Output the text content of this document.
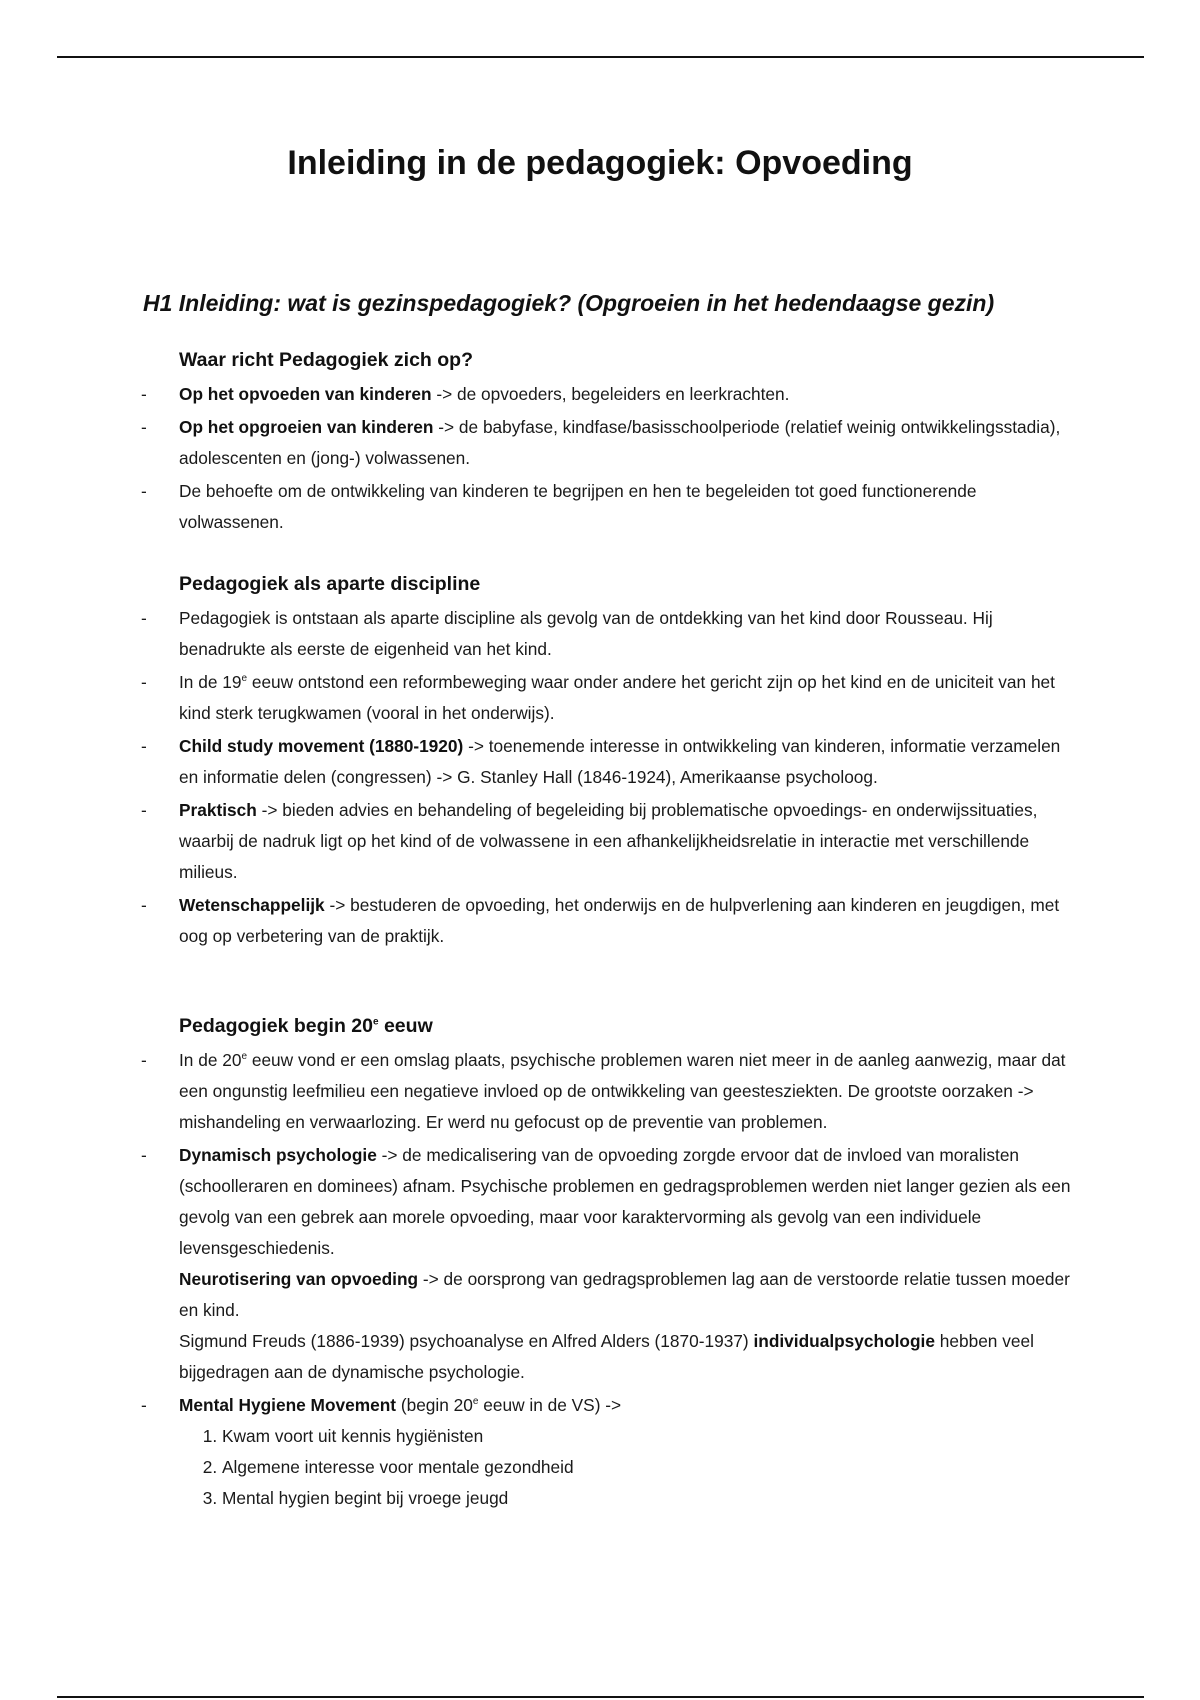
Inleiding in de pedagogiek: Opvoeding
H1 Inleiding: wat is gezinspedagogiek? (Opgroeien in het hedendaagse gezin)
Waar richt Pedagogiek zich op?
- Op het opvoeden van kinderen -> de opvoeders, begeleiders en leerkrachten.
- Op het opgroeien van kinderen -> de babyfase, kindfase/basisschoolperiode (relatief weinig ontwikkelingsstadia), adolescenten en (jong-) volwassenen.
- De behoefte om de ontwikkeling van kinderen te begrijpen en hen te begeleiden tot goed functionerende volwassenen.
Pedagogiek als aparte discipline
- Pedagogiek is ontstaan als aparte discipline als gevolg van de ontdekking van het kind door Rousseau. Hij benadrukte als eerste de eigenheid van het kind.
- In de 19e eeuw ontstond een reformbeweging waar onder andere het gericht zijn op het kind en de uniciteit van het kind sterk terugkwamen (vooral in het onderwijs).
- Child study movement (1880-1920) -> toenemende interesse in ontwikkeling van kinderen, informatie verzamelen en informatie delen (congressen) -> G. Stanley Hall (1846-1924), Amerikaanse psycholoog.
- Praktisch -> bieden advies en behandeling of begeleiding bij problematische opvoedings- en onderwijssituaties, waarbij de nadruk ligt op het kind of de volwassene in een afhankelijkheidsrelatie in interactie met verschillende milieus.
- Wetenschappelijk -> bestuderen de opvoeding, het onderwijs en de hulpverlening aan kinderen en jeugdigen, met oog op verbetering van de praktijk.
Pedagogiek begin 20e eeuw
- In de 20e eeuw vond er een omslag plaats, psychische problemen waren niet meer in de aanleg aanwezig, maar dat een ongunstig leefmilieu een negatieve invloed op de ontwikkeling van geestesziekten. De grootste oorzaken -> mishandeling en verwaarlozing. Er werd nu gefocust op de preventie van problemen.
- Dynamisch psychologie -> de medicalisering van de opvoeding zorgde ervoor dat de invloed van moralisten (schoolleraren en dominees) afnam. Psychische problemen en gedragsproblemen werden niet langer gezien als een gevolg van een gebrek aan morele opvoeding, maar voor karaktervorming als gevolg van een individuele levensgeschiedenis.
Neurotisering van opvoeding -> de oorsprong van gedragsproblemen lag aan de verstoorde relatie tussen moeder en kind.
Sigmund Freuds (1886-1939) psychoanalyse en Alfred Alders (1870-1937) individualpsychologie hebben veel bijgedragen aan de dynamische psychologie.
- Mental Hygiene Movement (begin 20e eeuw in de VS) ->
1. Kwam voort uit kennis hygiënisten
2. Algemene interesse voor mentale gezondheid
3. Mental hygien begint bij vroege jeugd
